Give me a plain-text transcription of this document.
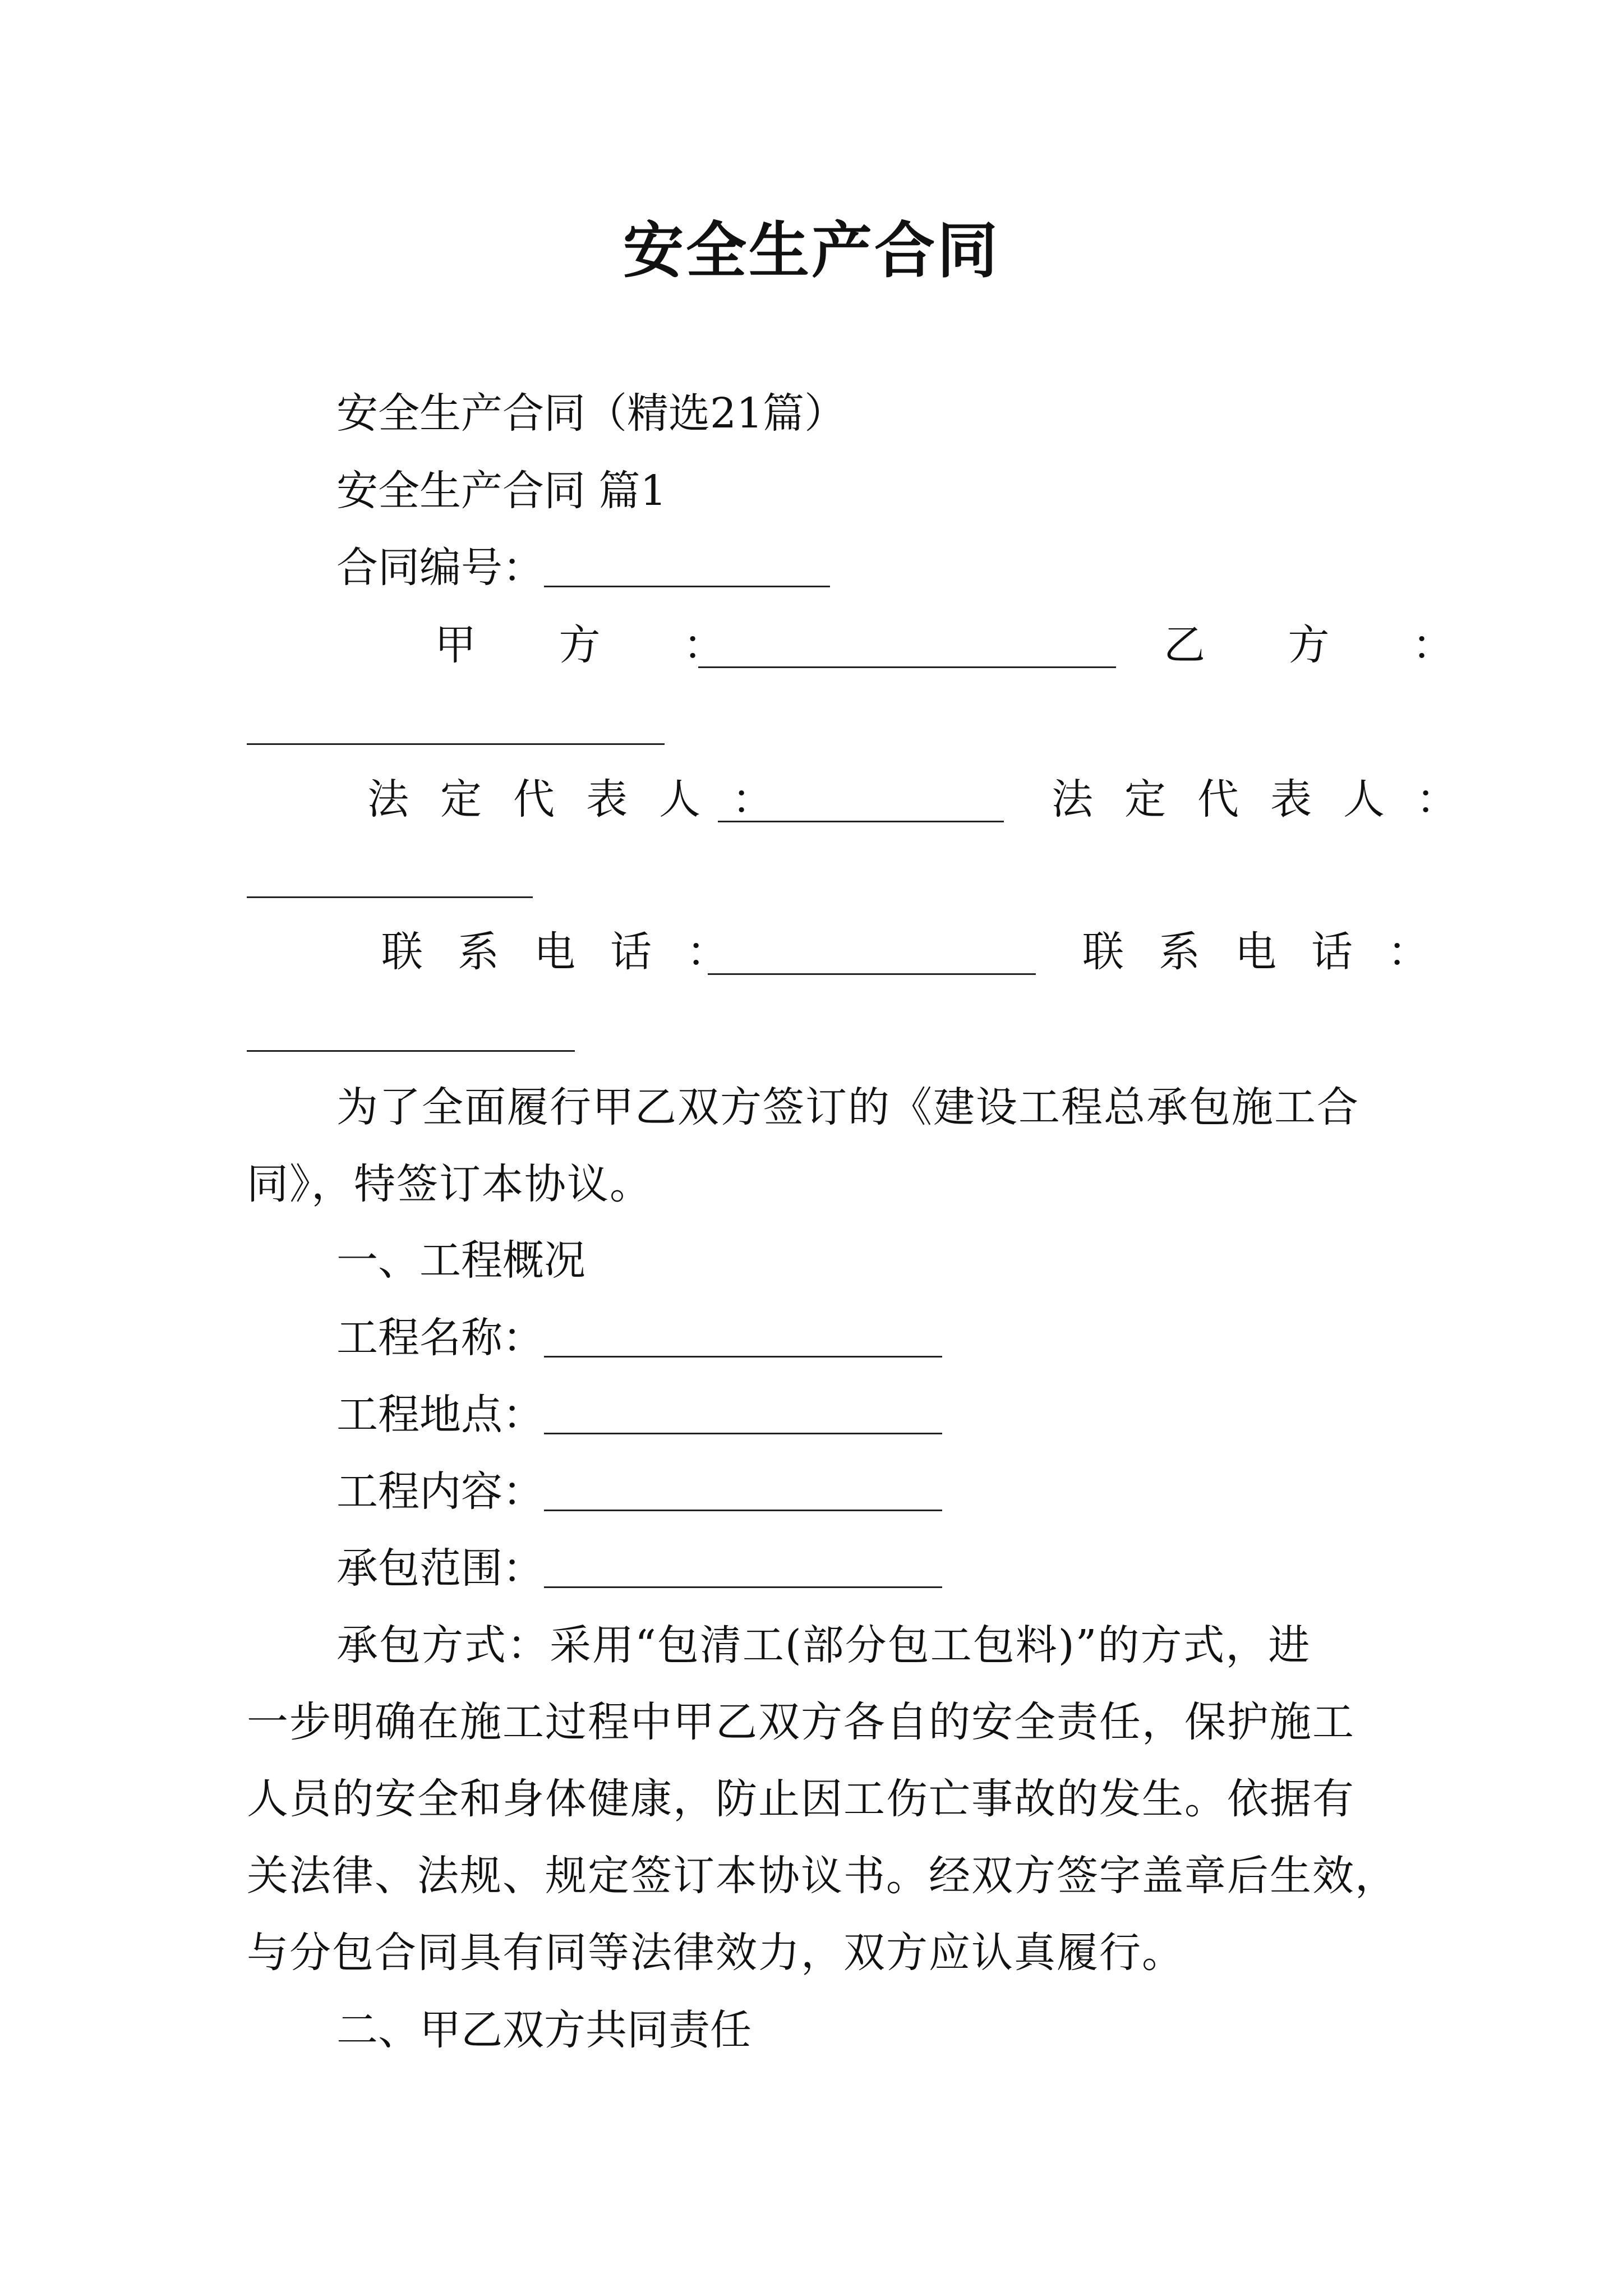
安全生产合同
安全生产合同（精选21篇）
安全生产合同 篇1
合同编号：
甲 方 ：	乙 方 ：
法定代表人：	法定代表人：
联系电话：	联系电话：
为了全面履行甲乙双方签订的《建设工程总承包施工合
同》，特签订本协议。
一、工程概况
工程名称：
工程地点：
工程内容：
承包范围：
承包方式：采用“包清工(部分包工包料)”的方式，进
一步明确在施工过程中甲乙双方各自的安全责任，保护施工
人员的安全和身体健康，防止因工伤亡事故的发生。依据有
关法律、法规、规定签订本协议书。经双方签字盖章后生效，
与分包合同具有同等法律效力，双方应认真履行。
二、甲乙双方共同责任
